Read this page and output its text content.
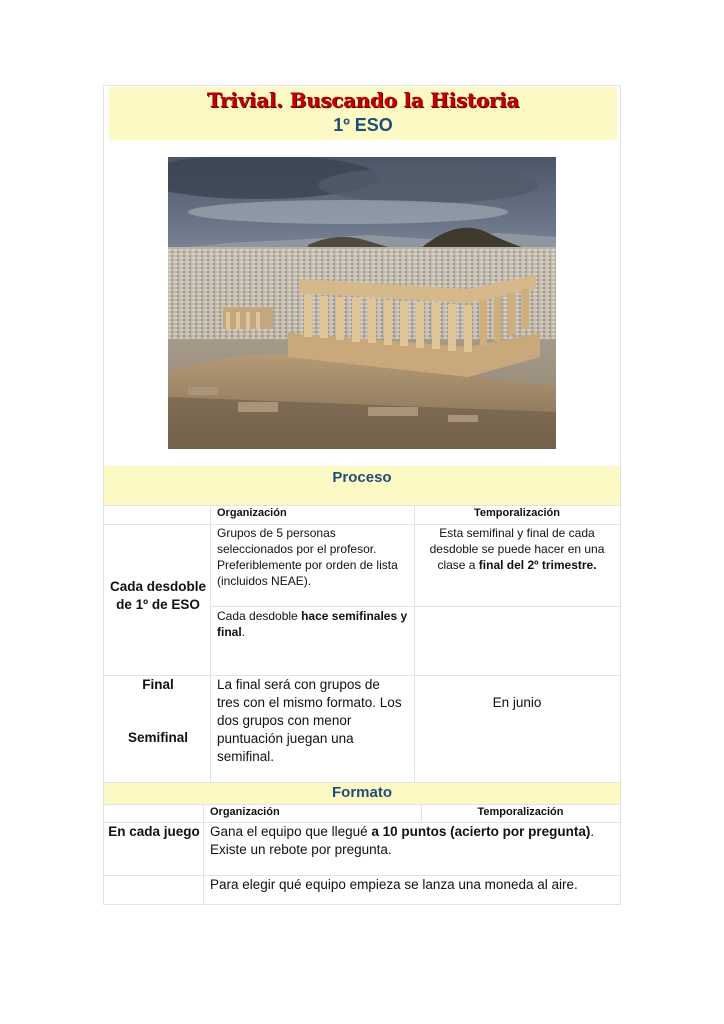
Trivial. Buscando la Historia
1º ESO
Proceso
Organización	Temporalización
Cada desdoble de 1º de ESO
Grupos de 5 personas seleccionados por el profesor. Preferiblemente por orden de lista (incluidos NEAE).
Cada desdoble hace semifinales y final.
Esta semifinal y final de cada desdoble se puede hacer en una clase a final del 2º trimestre.
Final
Semifinal
La final será con grupos de tres con el mismo formato. Los dos grupos con menor puntuación juegan una semifinal.
En junio
Formato
Organización	Temporalización
En cada juego Gana el equipo que llegué a 10 puntos (acierto por pregunta). Existe un rebote por pregunta.
Para elegir qué equipo empieza se lanza una moneda al aire.
